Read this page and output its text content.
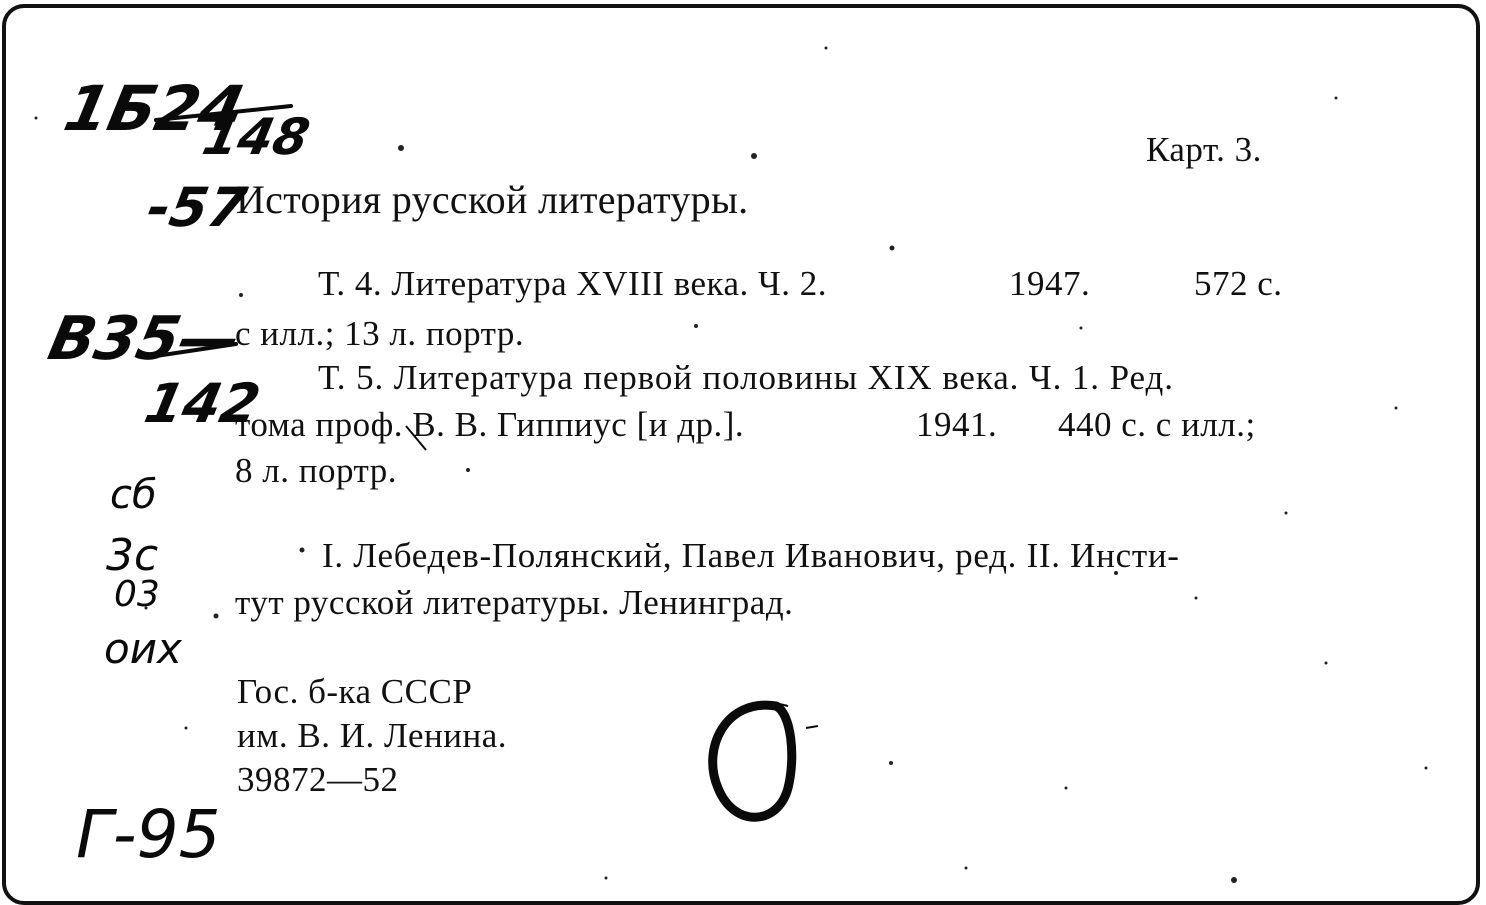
Карт. 3.
История русской литературы.
Т. 4. Литература XVIII века. Ч. 2.	1947.	572 с.
с илл.; 13 л. портр.
Т. 5. Литература первой половины XIX века. Ч. 1. Ред.
тома проф. В. В. Гиппиус [и др.].	1941. 440 с. с илл.;
8 л. портр.
I. Лебедев-Полянский, Павел Иванович, ред. II. Инсти-
тут русской литературы. Ленинград.
Гос. б-ка СССР
им. В. И. Ленина.
39872—52
1Б24
148
-57
В35—
142
сб
3с
03
оих
Г-95
